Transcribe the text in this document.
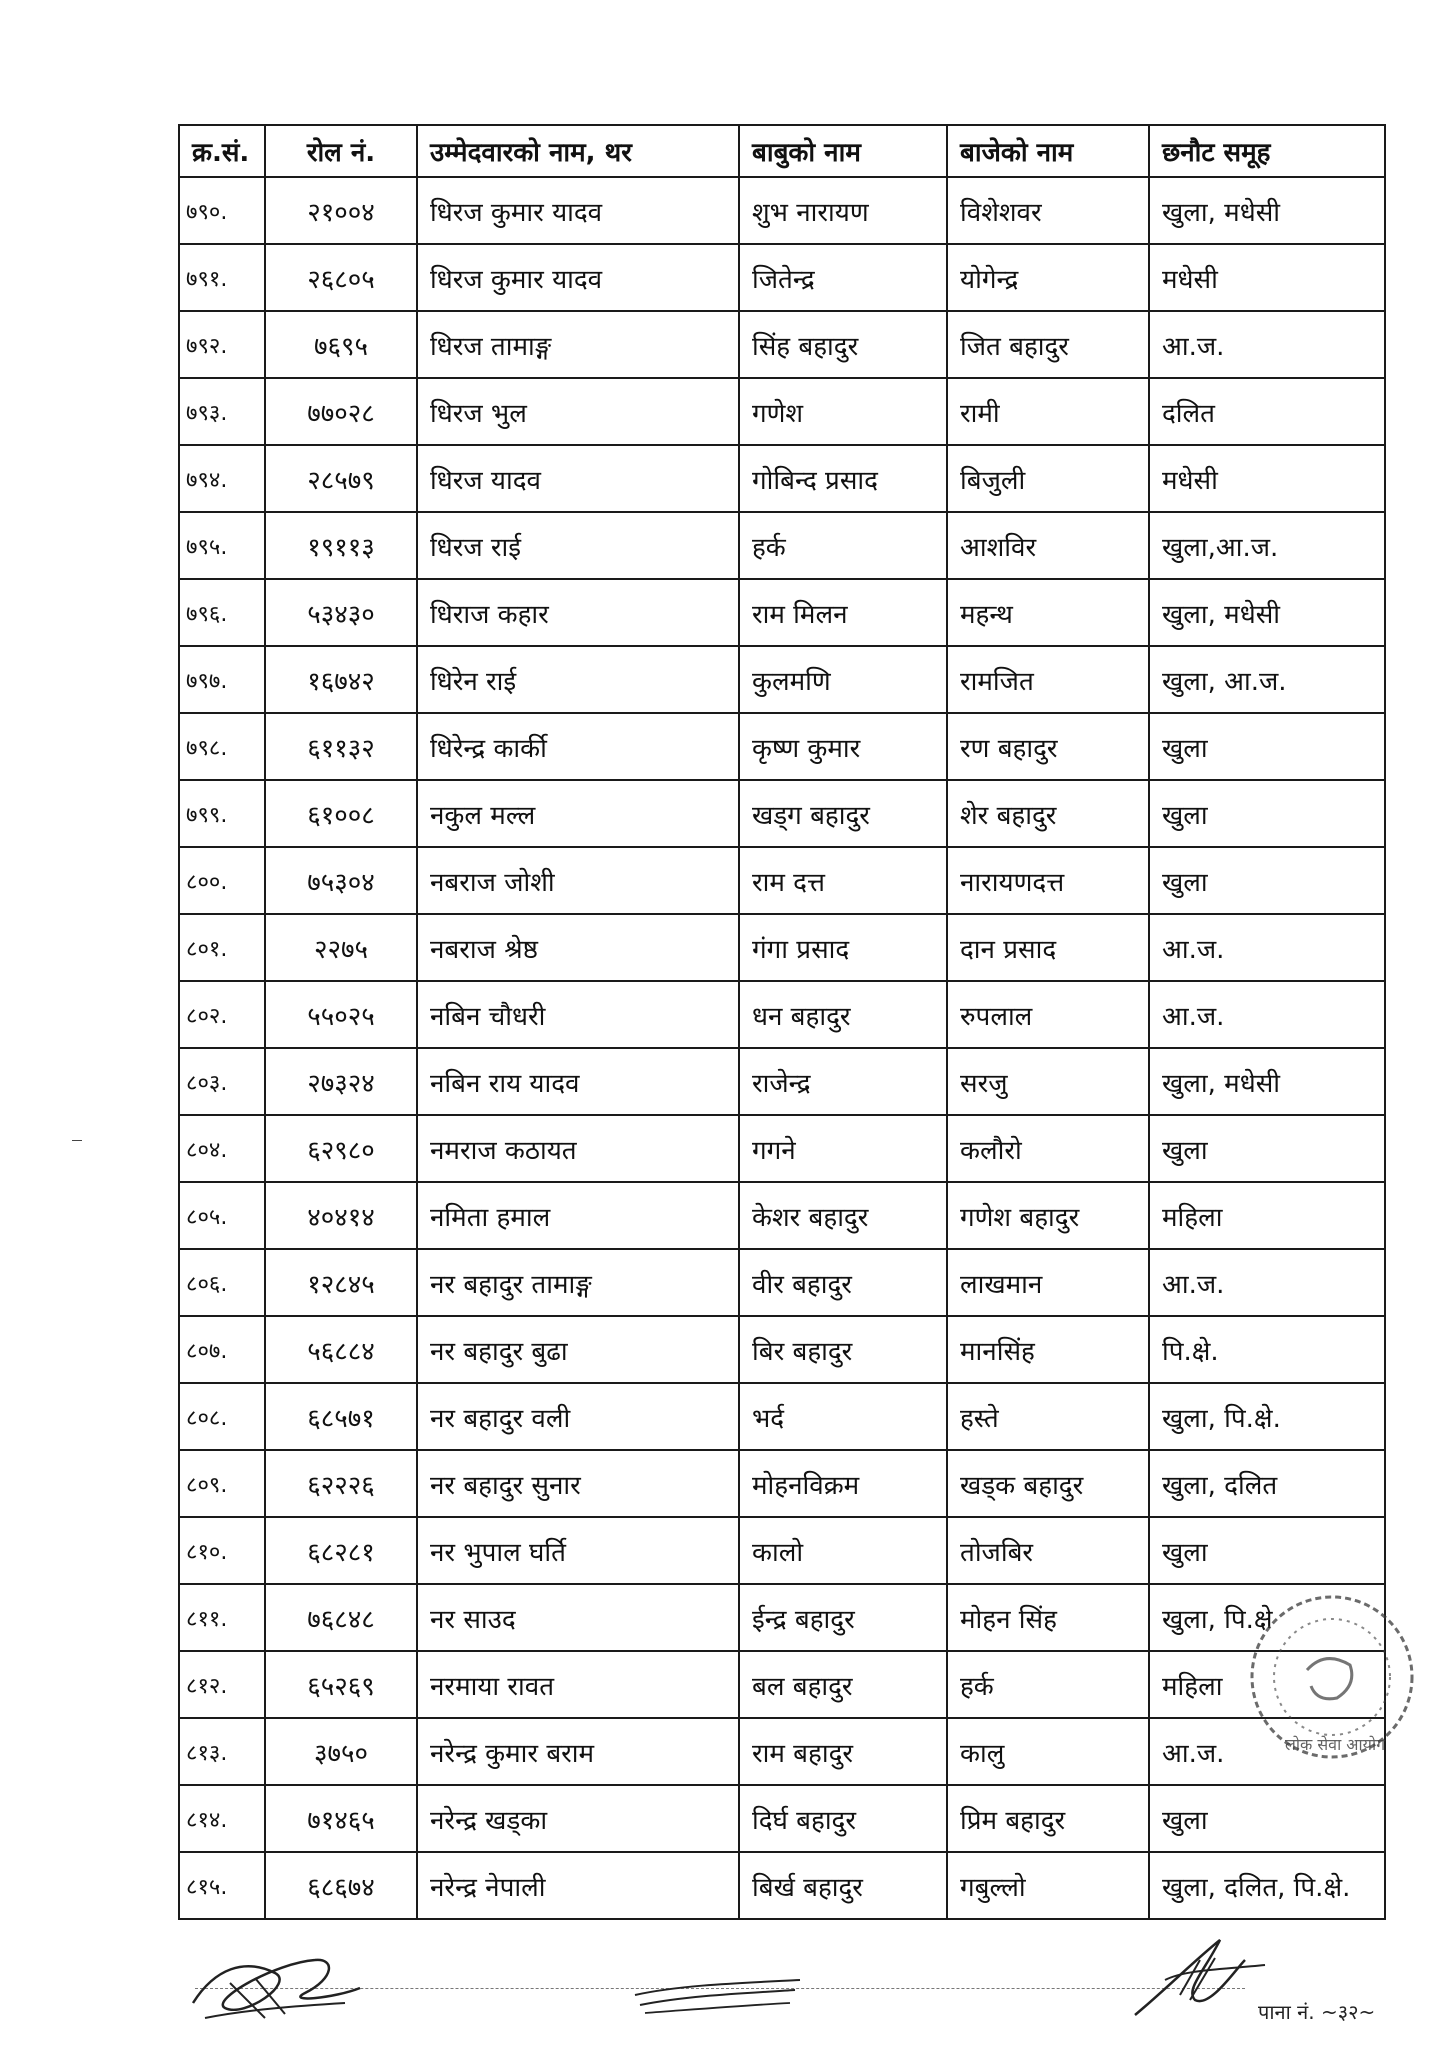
क्र.सं.	रोल नं.	उम्मेदवारको नाम, थर	बाबुको नाम	बाजेको नाम	छनौट समूह
७९०.	२१००४	धिरज कुमार यादव	शुभ नारायण	विशेशवर	खुला, मधेसी
७९१.	२६८०५	धिरज कुमार यादव	जितेन्द्र	योगेन्द्र	मधेसी
७९२.	७६९५	धिरज तामाङ्ग	सिंह बहादुर	जित बहादुर	आ.ज.
७९३.	७७०२८	धिरज भुल	गणेश	रामी	दलित
७९४.	२८५७९	धिरज यादव	गोबिन्द प्रसाद	बिजुली	मधेसी
७९५.	१९११३	धिरज राई	हर्क	आशविर	खुला,आ.ज.
७९६.	५३४३०	धिराज कहार	राम मिलन	महन्थ	खुला, मधेसी
७९७.	१६७४२	धिरेन राई	कुलमणि	रामजित	खुला, आ.ज.
७९८.	६११३२	धिरेन्द्र कार्की	कृष्ण कुमार	रण बहादुर	खुला
७९९.	६१००८	नकुल मल्ल	खड्ग बहादुर	शेर बहादुर	खुला
८००.	७५३०४	नबराज जोशी	राम दत्त	नारायणदत्त	खुला
८०१.	२२७५	नबराज श्रेष्ठ	गंगा प्रसाद	दान प्रसाद	आ.ज.
८०२.	५५०२५	नबिन चौधरी	धन बहादुर	रुपलाल	आ.ज.
८०३.	२७३२४	नबिन राय यादव	राजेन्द्र	सरजु	खुला, मधेसी
८०४.	६२९८०	नमराज कठायत	गगने	कलौरो	खुला
८०५.	४०४१४	नमिता हमाल	केशर बहादुर	गणेश बहादुर	महिला
८०६.	१२८४५	नर बहादुर तामाङ्ग	वीर बहादुर	लाखमान	आ.ज.
८०७.	५६८८४	नर बहादुर बुढा	बिर बहादुर	मानसिंह	पि.क्षे.
८०८.	६८५७१	नर बहादुर वली	भर्द	हस्ते	खुला, पि.क्षे.
८०९.	६२२२६	नर बहादुर सुनार	मोहनविक्रम	खड्क बहादुर	खुला, दलित
८१०.	६८२८१	नर भुपाल घर्ति	कालो	तोजबिर	खुला
८११.	७६८४८	नर साउद	ईन्द्र बहादुर	मोहन सिंह	खुला, पि.क्षे
८१२.	६५२६९	नरमाया रावत	बल बहादुर	हर्क	महिला
८१३.	३७५०	नरेन्द्र कुमार बराम	राम बहादुर	कालु	आ.ज.
८१४.	७१४६५	नरेन्द्र खड्का	दिर्घ बहादुर	प्रिम बहादुर	खुला
८१५.	६८६७४	नरेन्द्र नेपाली	बिर्ख बहादुर	गबुल्लो	खुला, दलित, पि.क्षे.
लोक सेवा आयोग
पाना नं. ~३२~
